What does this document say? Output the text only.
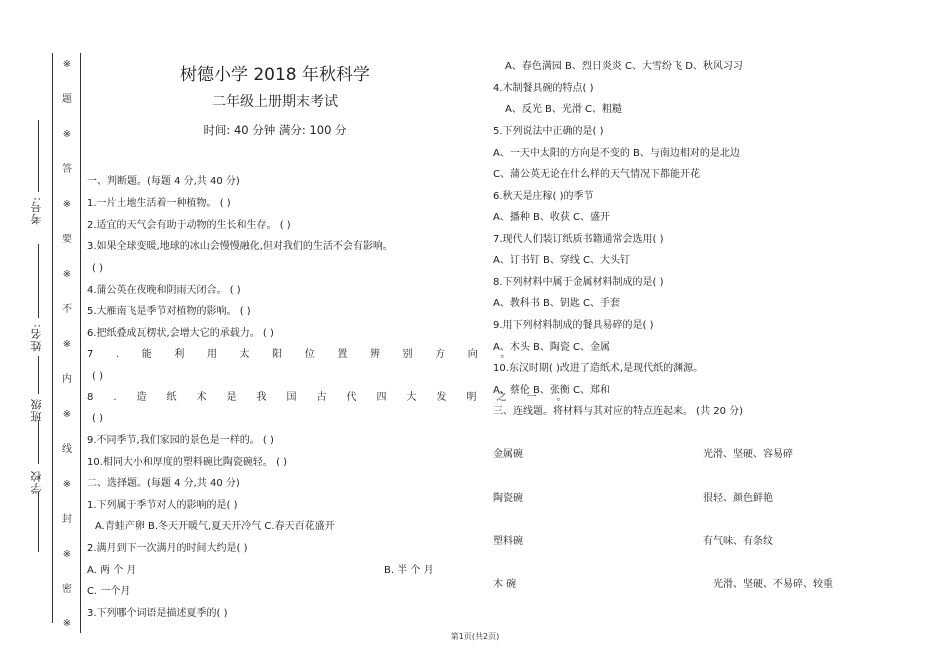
※
题
※
答
※
要
※
不
※
内
※
线
※
封
※
密
※
考号:
姓名:
班级
学校
树德小学 2018 年秋科学
二年级上册期末考试
时间: 40 分钟 满分: 100 分
一、判断题。(每题 4 分,共 40 分)
1.一片土地生活着一种植物。 ( )
2.适宜的天气会有助于动物的生长和生存。 ( )
3.如果全球变暖,地球的冰山会慢慢融化,但对我们的生活不会有影响。
( )
4.蒲公英在夜晚和阴雨天闭合。 ( )
5.大雁南飞是季节对植物的影响。 ( )
6.把纸叠成瓦楞状,会增大它的承载力。 ( )
7.能利用太阳位置辨别方向。
( )
8.造纸术是我国古代四大发明之一。
( )
9.不同季节,我们家园的景色是一样的。 ( )
10.相同大小和厚度的塑料碗比陶瓷碗轻。 ( )
二、选择题。(每题 4 分,共 40 分)
1.下列属于季节对人的影响的是( )
A.青蛙产卵 B.冬天开暖气,夏天开冷气 C.春天百花盛开
2.满月到下一次满月的时间大约是( )
A. 两 个 月	B. 半 个 月
C. 一个月
3.下列哪个词语是描述夏季的( )
A、春色满园 B、烈日炎炎 C、大雪纷飞 D、秋风习习
4.木制餐具碗的特点( )
A、反光 B、光滑 C、粗糙
5.下列说法中正确的是( )
A、一天中太阳的方向是不变的 B、与南边相对的是北边
C、蒲公英无论在什么样的天气情况下都能开花
6.秋天是庄稼( )的季节
A、播种 B、收获 C、盛开
7.现代人们装订纸质书籍通常会选用( )
A、订书钉 B、穿线 C、大头钉
8.下列材料中属于金属材料制成的是( )
A、教科书 B、钥匙 C、手套
9.用下列材料制成的餐具易碎的是( )
A、木头 B、陶瓷 C、金属
10.东汉时期( )改进了造纸术,是现代纸的渊源。
A、蔡伦 B、张衡 C、郑和
三、连线题。将材料与其对应的特点连起来。 (共 20 分)
金属碗
陶瓷碗
塑料碗
木 碗
光滑、坚硬、容易碎
很轻、颜色鲜艳
有气味、有条纹
光滑、坚硬、不易碎、较重
第1页(共2页)
